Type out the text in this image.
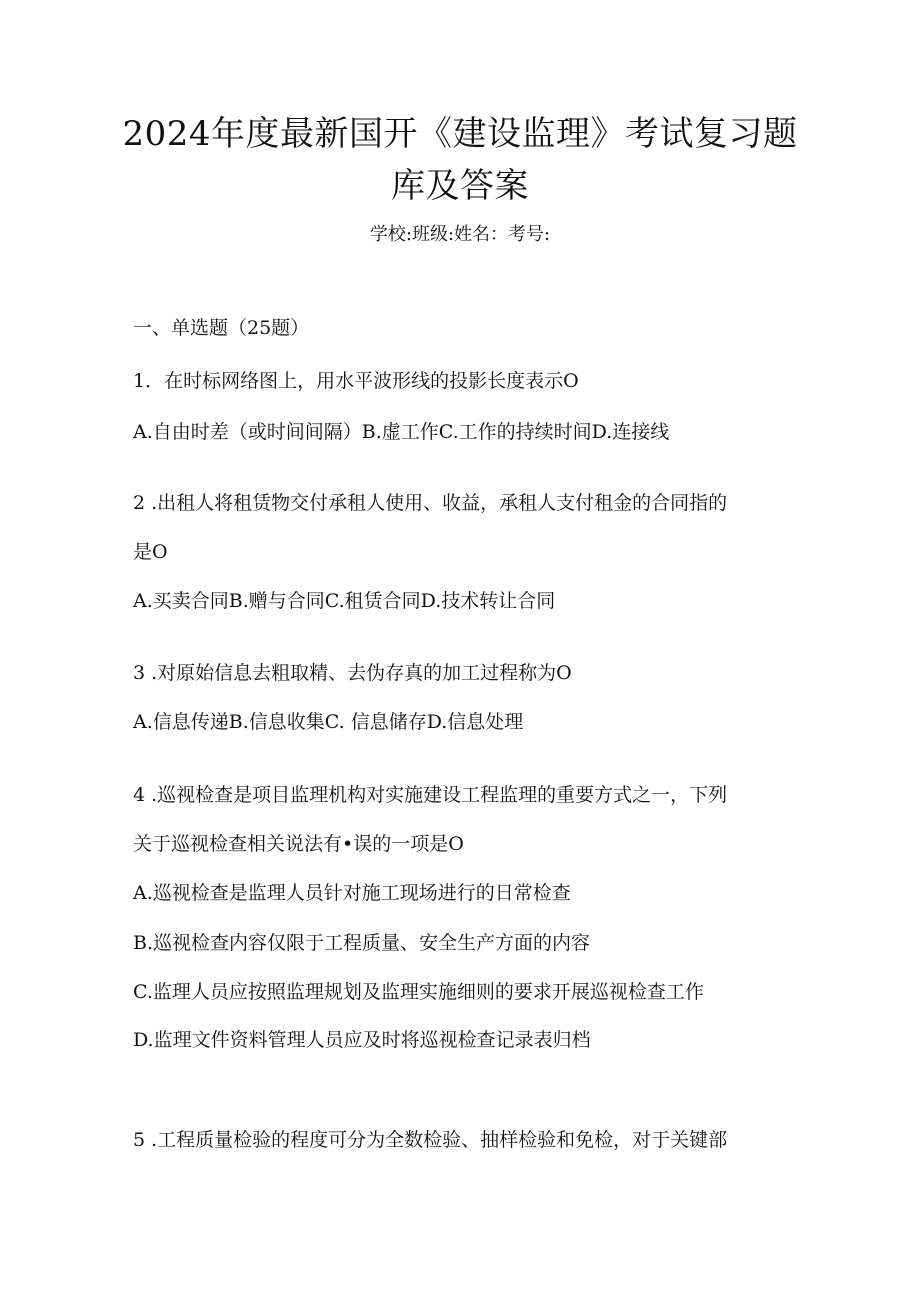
2024年度最新国开《建设监理》考试复习题
库及答案
学校:班级:姓名：考号:
一、单选题（25题）
1．在时标网络图上，用水平波形线的投影长度表示O
A.自由时差（或时间间隔）B.虚工作C.工作的持续时间D.连接线
2 .出租人将租赁物交付承租人使用、收益，承租人支付租金的合同指的
是O
A.买卖合同B.赠与合同C.租赁合同D.技术转让合同
3 .对原始信息去粗取精、去伪存真的加工过程称为O
A.信息传递B.信息收集C. 信息储存D.信息处理
4 .巡视检查是项目监理机构对实施建设工程监理的重要方式之一，下列
关于巡视检查相关说法有•误的一项是O
A.巡视检查是监理人员针对施工现场进行的日常检查
B.巡视检查内容仅限于工程质量、安全生产方面的内容
C.监理人员应按照监理规划及监理实施细则的要求开展巡视检查工作
D.监理文件资料管理人员应及时将巡视检查记录表归档
5 .工程质量检验的程度可分为全数检验、抽样检验和免检，对于关键部
